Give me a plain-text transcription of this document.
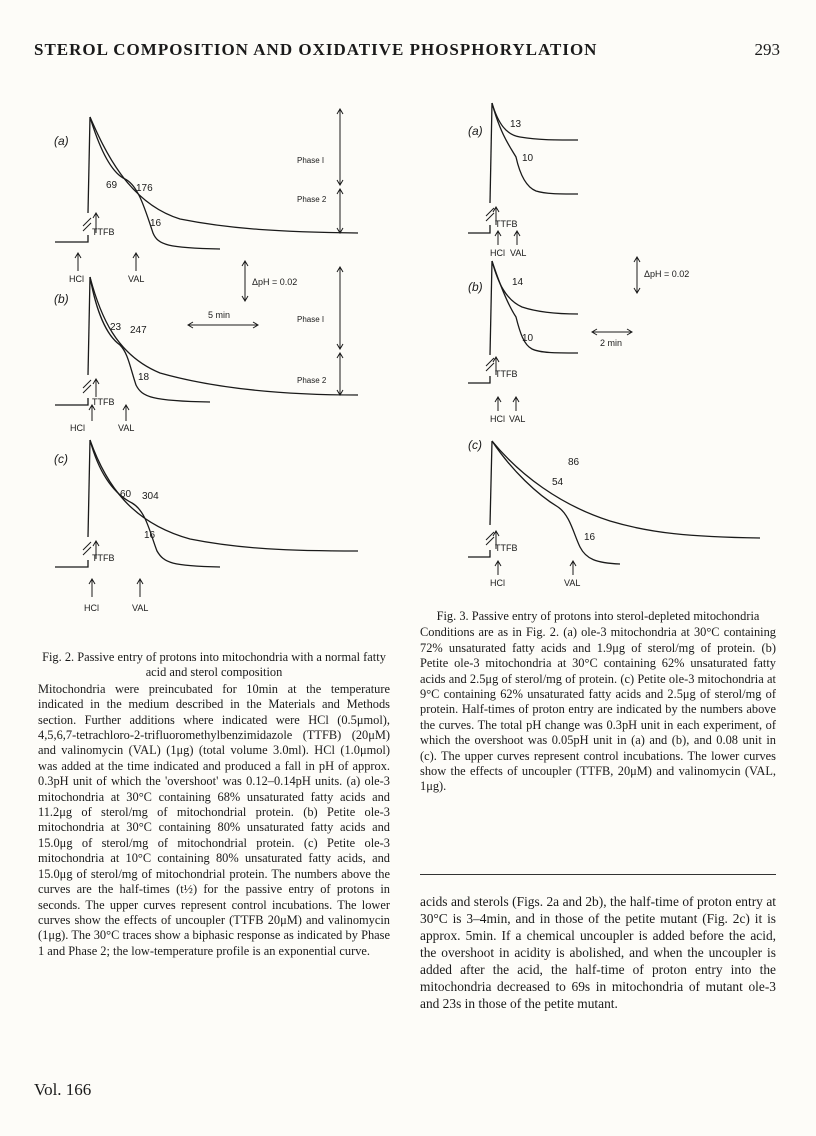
STEROL COMPOSITION AND OXIDATIVE PHOSPHORYLATION	293
(a)
69 176
16
Phase I
Phase 2
TTFB
HCl	VAL	ΔpH = 0.02
5 min
(b)
23 247
18
Phase I
Phase 2
TTFB
HCl	VAL
(c)
60 304
16
TTFB
HCl	VAL
(a)	13
10
TTFB
HCl VAL
ΔpH = 0.02
(b)	14
10	2 min
TTFB
HCl VAL
(c)
86
54
16
TTFB
HCl	VAL
Fig. 2. Passive entry of protons into mitochondria with a normal fatty acid and sterol composition
Mitochondria were preincubated for 10min at the temperature indicated in the medium described in the Materials and Methods section. Further additions where indicated were HCl (0.5μmol), 4,5,6,7-tetrachloro-2-trifluoromethylbenzimidazole (TTFB) (20μM) and valinomycin (VAL) (1μg) (total volume 3.0ml). HCl (1.0μmol) was added at the time indicated and produced a fall in pH of approx. 0.3pH unit of which the 'overshoot' was 0.12–0.14pH units. (a) ole-3 mitochondria at 30°C containing 68% unsaturated fatty acids and 11.2μg of sterol/mg of mitochondrial protein. (b) Petite ole-3 mitochondria at 30°C containing 80% unsaturated fatty acids and 15.0μg of sterol/mg of mitochondrial protein. (c) Petite ole-3 mitochondria at 10°C containing 80% unsaturated fatty acids, and 15.0μg of sterol/mg of mitochondrial protein. The numbers above the curves are the half-times (t½) for the passive entry of protons in seconds. The upper curves represent control incubations. The lower curves show the effects of uncoupler (TTFB 20μM) and valinomycin (1μg). The 30°C traces show a biphasic response as indicated by Phase 1 and Phase 2; the low-temperature profile is an exponential curve.
Fig. 3. Passive entry of protons into sterol-depleted mitochondria
Conditions are as in Fig. 2. (a) ole-3 mitochondria at 30°C containing 72% unsaturated fatty acids and 1.9μg of sterol/mg of protein. (b) Petite ole-3 mitochondria at 30°C containing 62% unsaturated fatty acids and 2.5μg of sterol/mg of protein. (c) Petite ole-3 mitochondria at 9°C containing 62% unsaturated fatty acids and 2.5μg of sterol/mg of protein. Half-times of proton entry are indicated by the numbers above the curves. The total pH change was 0.3pH unit in each experiment, of which the overshoot was 0.05pH unit in (a) and (b), and 0.08 unit in (c). The upper curves represent control incubations. The lower curves show the effects of uncoupler (TTFB, 20μM) and valinomycin (VAL, 1μg).
acids and sterols (Figs. 2a and 2b), the half-time of proton entry at 30°C is 3–4min, and in those of the petite mutant (Fig. 2c) it is approx. 5min. If a chemical uncoupler is added before the acid, the overshoot in acidity is abolished, and when the uncoupler is added after the acid, the half-time of proton entry into the mitochondria decreased to 69s in mitochondria of mutant ole-3 and 23s in those of the petite mutant.
Vol. 166
